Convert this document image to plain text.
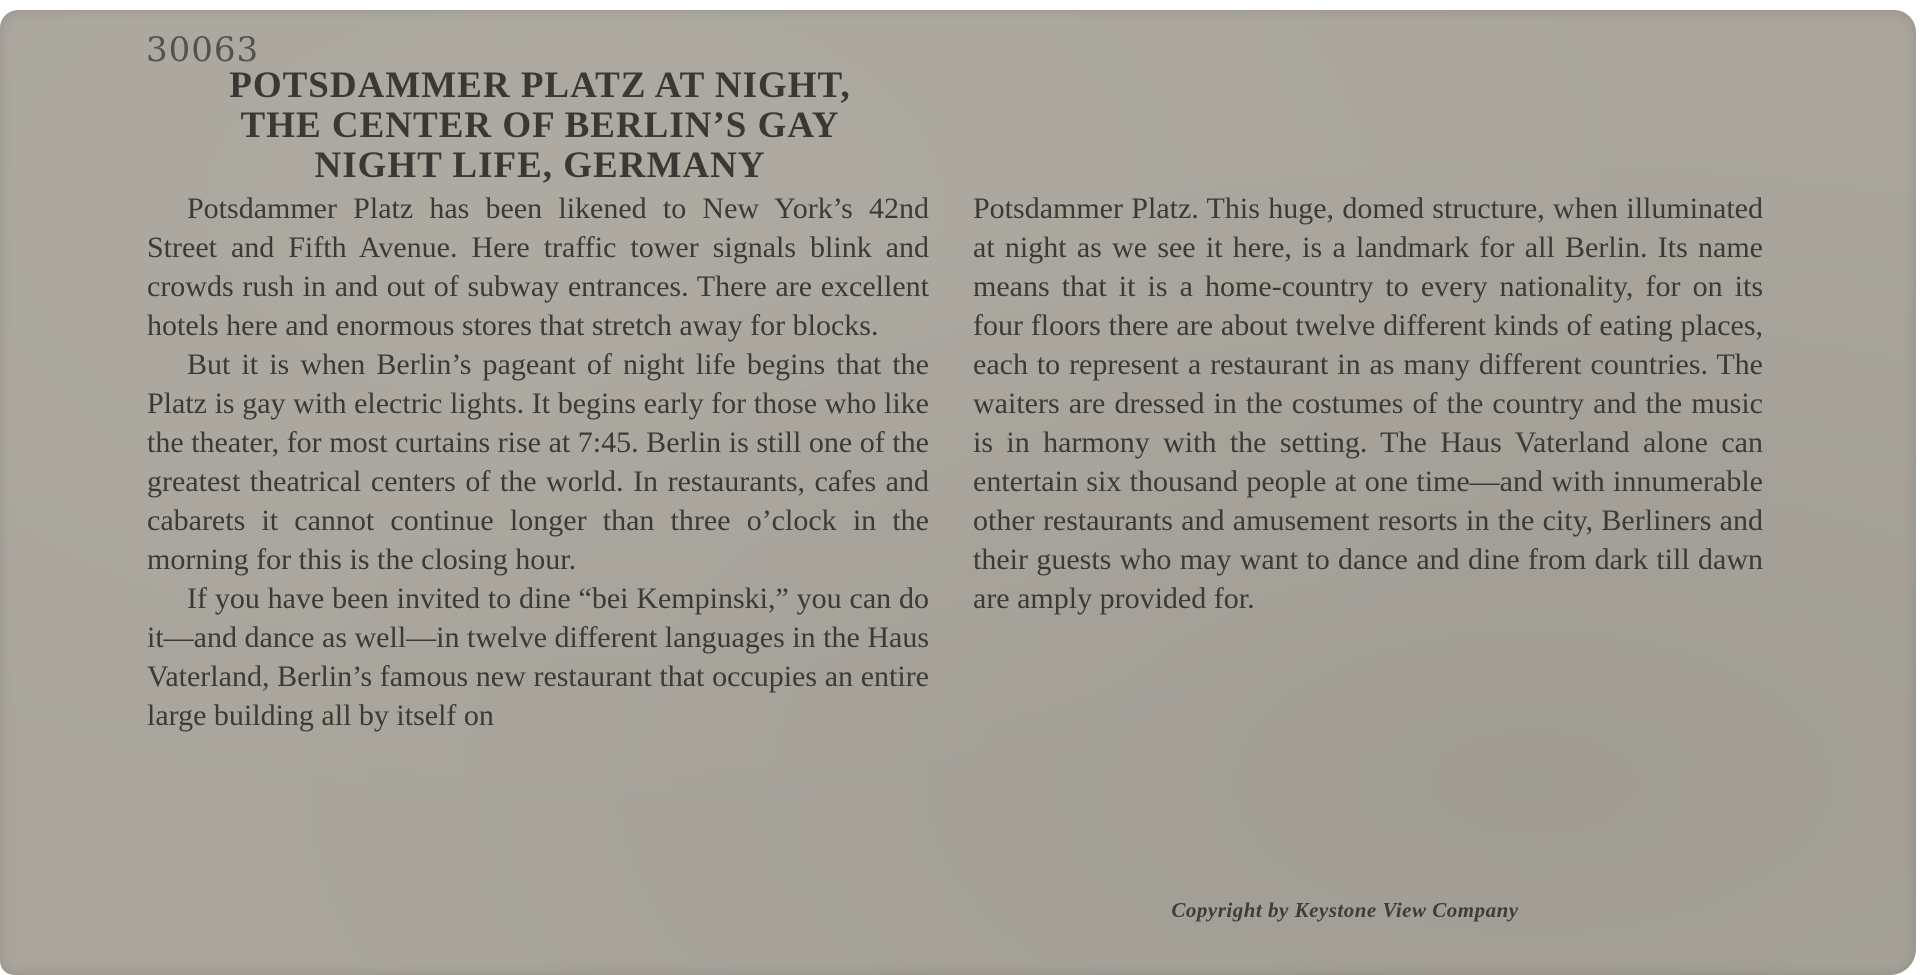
30063
POTSDAMMER PLATZ AT NIGHT,
THE CENTER OF BERLIN’S GAY
NIGHT LIFE, GERMANY

Potsdammer Platz has been likened to New York’s 42nd Street and Fifth Avenue. Here traffic tower signals blink and crowds rush in and out of subway entrances. There are excellent hotels here and enormous stores that stretch away for blocks.

But it is when Berlin’s pageant of night life begins that the Platz is gay with electric lights. It begins early for those who like the theater, for most curtains rise at 7:45. Berlin is still one of the greatest theatrical centers of the world. In restaurants, cafes and cabarets it cannot continue longer than three o’clock in the morning for this is the closing hour.

If you have been invited to dine “bei Kempinski,” you can do it—and dance as well—in twelve different languages in the Haus Vaterland, Berlin’s famous new restaurant that occupies an entire large building all by itself on

Potsdammer Platz. This huge, domed structure, when illuminated at night as we see it here, is a landmark for all Berlin. Its name means that it is a home-country to every nationality, for on its four floors there are about twelve different kinds of eating places, each to represent a restaurant in as many different countries. The waiters are dressed in the costumes of the country and the music is in harmony with the setting. The Haus Vaterland alone can entertain six thousand people at one time—and with innumerable other restaurants and amusement resorts in the city, Berliners and their guests who may want to dance and dine from dark till dawn are amply provided for.

Copyright by Keystone View Company
